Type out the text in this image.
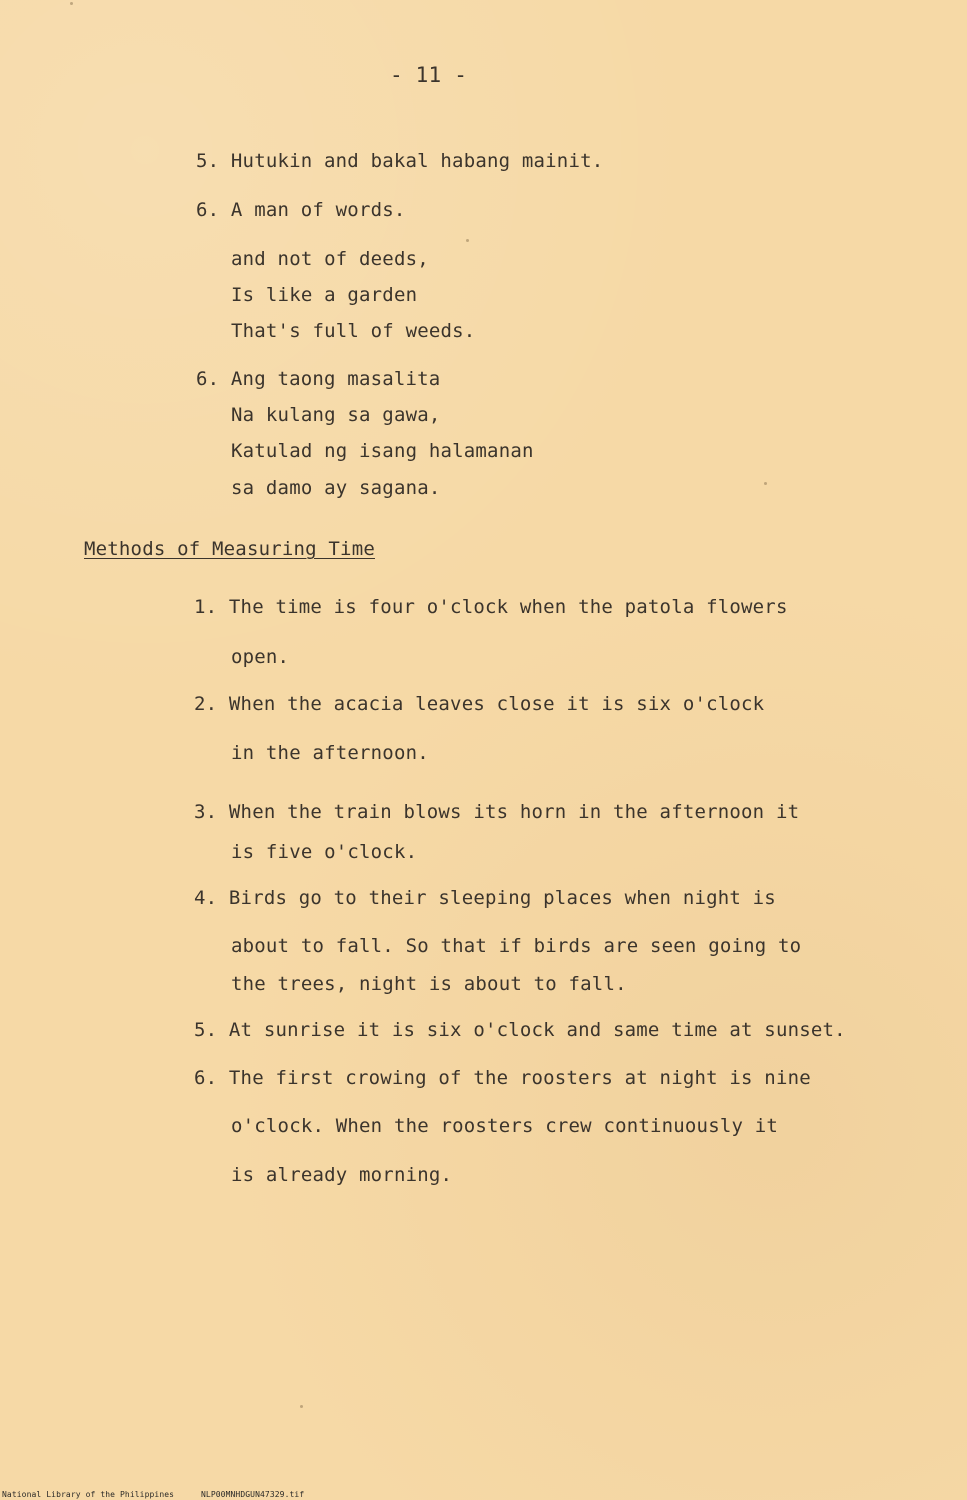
- 11 -
5. Hutukin and bakal habang mainit.
6. A man of words.
and not of deeds,
Is like a garden
That's full of weeds.
6. Ang taong masalita
Na kulang sa gawa,
Katulad ng isang halamanan
sa damo ay sagana.
Methods of Measuring Time
1. The time is four o'clock when the patola flowers
open.
2. When the acacia leaves close it is six o'clock
in the afternoon.
3. When the train blows its horn in the afternoon it
is five o'clock.
4. Birds go to their sleeping places when night is
about to fall. So that if birds are seen going to
the trees, night is about to fall.
5. At sunrise it is six o'clock and same time at sunset.
6. The first crowing of the roosters at night is nine
o'clock. When the roosters crew continuously it
is already morning.
National Library of the Philippines	NLP00MNHDGUN47329.tif
